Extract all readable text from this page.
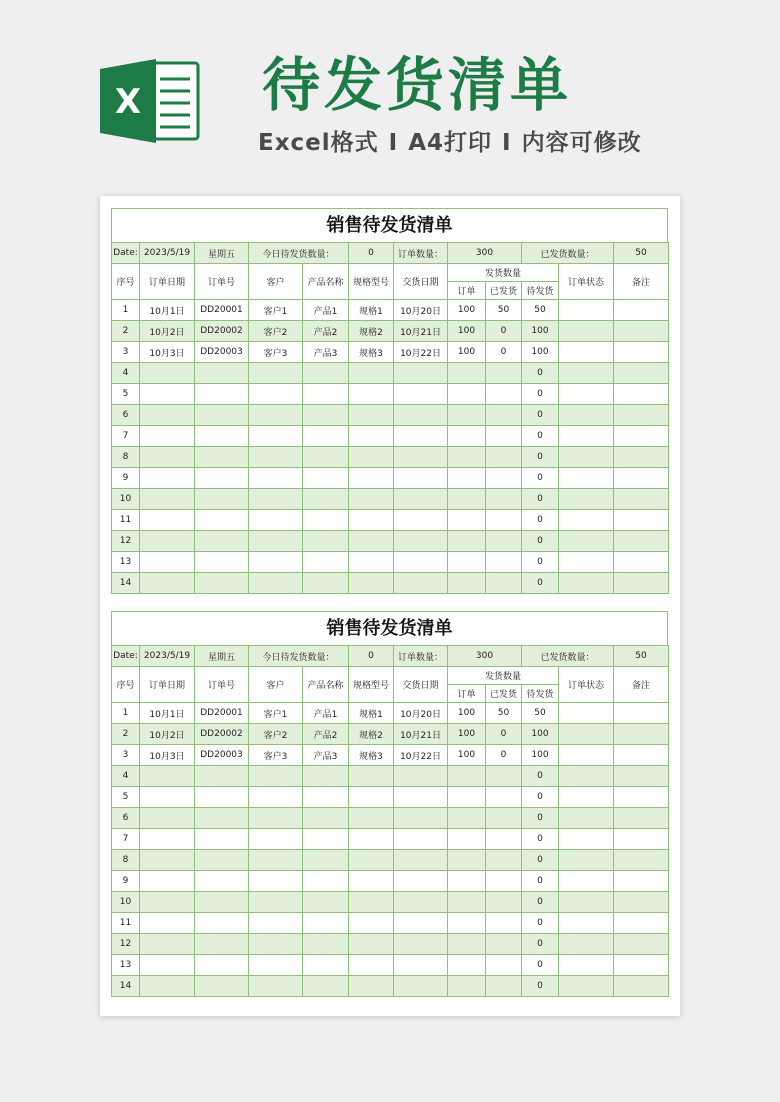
X 待发货清单
Excel格式 I A4打印 I 内容可修改
销售待发货清单
Date:	2023/5/19	星期五	今日待发货数量：		0	订单数量：	300		已发货数量：		50
序号	订单日期	订单号	客户	产品名称	规格型号	交货日期	发货数量			订单状态	备注
							订单	已发货	待发货		
1	10月1日	DD20001	客户1	产品1	规格1	10月20日	100	50	50		
2	10月2日	DD20002	客户2	产品2	规格2	10月21日	100	0	100		
3	10月3日	DD20003	客户3	产品3	规格3	10月22日	100	0	100		
4									0		
5									0		
6									0		
7									0		
8									0		
9									0		
10									0		
11									0		
12									0		
13									0		
14									0		
销售待发货清单
Date:	2023/5/19	星期五	今日待发货数量：		0	订单数量：	300		已发货数量：		50
序号	订单日期	订单号	客户	产品名称	规格型号	交货日期	发货数量			订单状态	备注
							订单	已发货	待发货		
1	10月1日	DD20001	客户1	产品1	规格1	10月20日	100	50	50		
2	10月2日	DD20002	客户2	产品2	规格2	10月21日	100	0	100		
3	10月3日	DD20003	客户3	产品3	规格3	10月22日	100	0	100		
4									0		
5									0		
6									0		
7									0		
8									0		
9									0		
10									0		
11									0		
12									0		
13									0		
14									0		
